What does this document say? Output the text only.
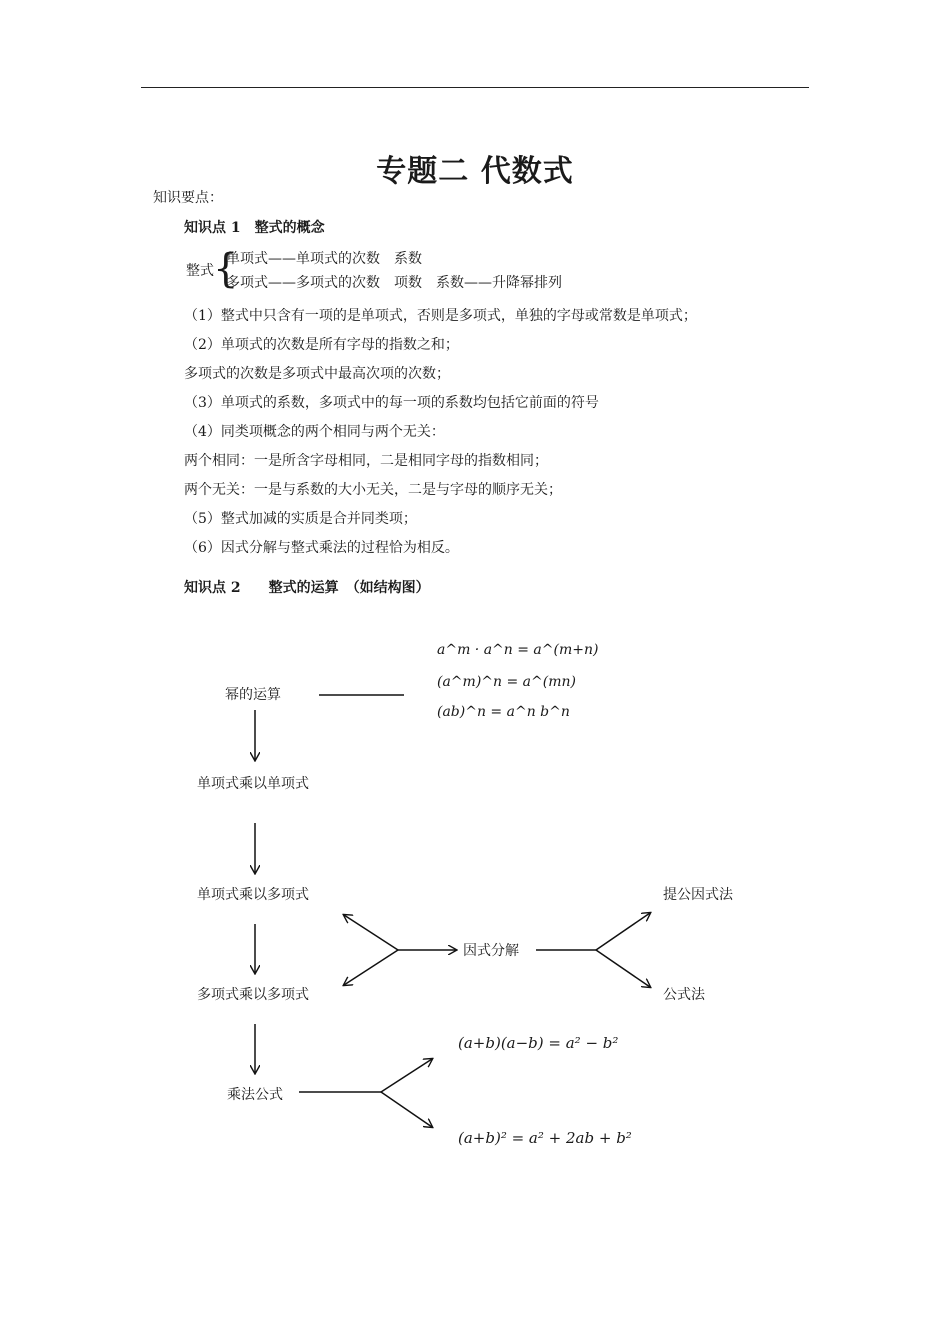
专题二 代数式
知识要点：
知识点 1　整式的概念
整式 {
单项式——单项式的次数　系数
多项式——多项式的次数　项数　系数——升降幂排列
（1）整式中只含有一项的是单项式，否则是多项式，单独的字母或常数是单项式；
（2）单项式的次数是所有字母的指数之和；
多项式的次数是多项式中最高次项的次数；
（3）单项式的系数，多项式中的每一项的系数均包括它前面的符号
（4）同类项概念的两个相同与两个无关：
两个相同：一是所含字母相同，二是相同字母的指数相同；
两个无关：一是与系数的大小无关，二是与字母的顺序无关；
（5）整式加减的实质是合并同类项；
（6）因式分解与整式乘法的过程恰为相反。
知识点 2　　整式的运算　（如结构图）
幂的运算
单项式乘以单项式
单项式乘以多项式
多项式乘以多项式
乘法公式
因式分解
提公因式法
公式法
a^m · a^n = a^(m+n)
(a^m)^n = a^(mn)
(ab)^n = a^n b^n
(a+b)(a−b) = a² − b²
(a+b)² = a² + 2ab + b²
